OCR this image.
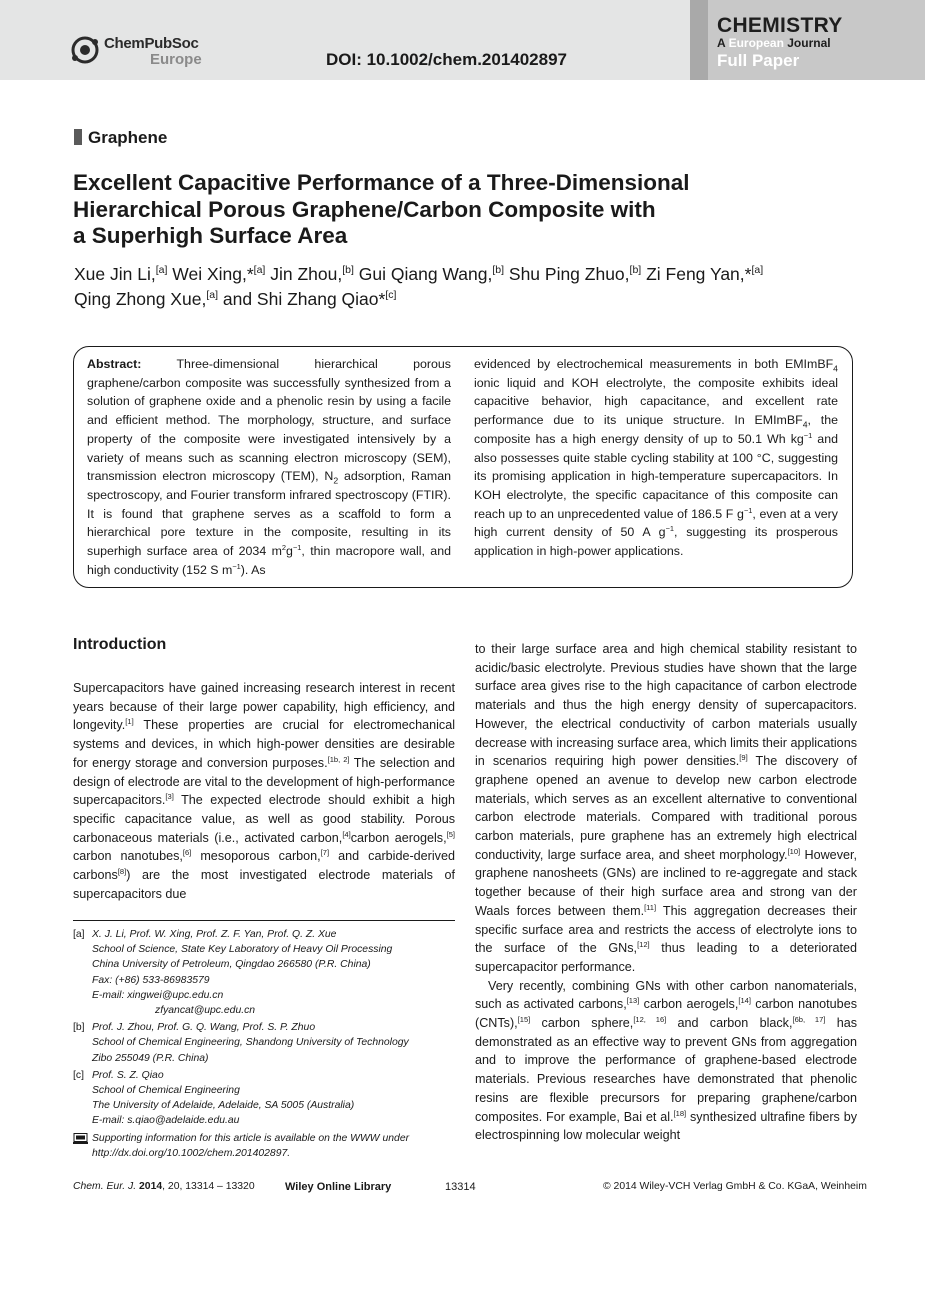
ChemPubSoc
Europe	DOI: 10.1002/chem.201402897
CHEMISTRY
A European Journal
Full Paper
Graphene
Excellent Capacitive Performance of a Three-Dimensional
Hierarchical Porous Graphene/Carbon Composite with
a Superhigh Surface Area

Xue Jin Li,[a] Wei Xing,*[a] Jin Zhou,[b] Gui Qiang Wang,[b] Shu Ping Zhuo,[b] Zi Feng Yan,*[a]
Qing Zhong Xue,[a] and Shi Zhang Qiao*[c]

Abstract: Three-dimensional hierarchical porous graphene/carbon composite was successfully synthesized from a solution of graphene oxide and a phenolic resin by using a facile and efficient method. The morphology, structure, and surface property of the composite were investigated intensively by a variety of means such as scanning electron microscopy (SEM), transmission electron microscopy (TEM), $N_2$ adsorption, Raman spectroscopy, and Fourier transform infrared spectroscopy (FTIR). It is found that graphene serves as a scaffold to form a hierarchical pore texture in the composite, resulting in its superhigh surface area of 2034 $m^2g^{-1}$, thin macropore wall, and high conductivity (152 S $m^{-1}$). As
evidenced by electrochemical measurements in both EMImBF$_4$ ionic liquid and KOH electrolyte, the composite exhibits ideal capacitive behavior, high capacitance, and excellent rate performance due to its unique structure. In EMImBF$_4$, the composite has a high energy density of up to 50.1 Wh $kg^{-1}$ and also possesses quite stable cycling stability at 100 °C, suggesting its promising application in high-temperature supercapacitors. In KOH electrolyte, the specific capacitance of this composite can reach up to an unprecedented value of 186.5 F $g^{-1}$, even at a very high current density of 50 A $g^{-1}$, suggesting its prosperous application in high-power applications.
Introduction

Supercapacitors have gained increasing research interest in recent years because of their large power capability, high efficiency, and longevity.[1] These properties are crucial for electromechanical systems and devices, in which high-power densities are desirable for energy storage and conversion purposes.[1b, 2] The selection and design of electrode are vital to the development of high-performance supercapacitors.[3] The expected electrode should exhibit a high specific capacitance value, as well as good stability. Porous carbonaceous materials (i.e., activated carbon,[4]carbon aerogels,[5] carbon nanotubes,[6] mesoporous carbon,[7] and carbide-derived carbons[8]) are the most investigated electrode materials of supercapacitors due

to their large surface area and high chemical stability resistant to acidic/basic electrolyte. Previous studies have shown that the large surface area gives rise to the high capacitance of carbon electrode materials and thus the high energy density of supercapacitors. However, the electrical conductivity of carbon materials usually decrease with increasing surface area, which limits their applications in scenarios requiring high power densities.[9] The discovery of graphene opened an avenue to develop new carbon electrode materials, which serves as an excellent alternative to conventional carbon electrode materials. Compared with traditional porous carbon materials, pure graphene has an extremely high electrical conductivity, large surface area, and sheet morphology.[10] However, graphene nanosheets (GNs) are inclined to re-aggregate and stack together because of their high surface area and strong van der Waals forces between them.[11] This aggregation decreases their specific surface area and restricts the access of electrolyte ions to the surface of the GNs,[12] thus leading to a deteriorated supercapacitor performance.

Very recently, combining GNs with other carbon nanomaterials, such as activated carbons,[13] carbon aerogels,[14] carbon nanotubes (CNTs),[15] carbon sphere,[12, 16] and carbon black,[6b, 17] has demonstrated as an effective way to prevent GNs from aggregation and to improve the performance of graphene-based electrode materials. Previous researches have demonstrated that phenolic resins are flexible precursors for preparing graphene/carbon composites. For example, Bai et al.[18] synthesized ultrafine fibers by electrospinning low molecular weight

[a] X. J. Li, Prof. W. Xing, Prof. Z. F. Yan, Prof. Q. Z. Xue
School of Science, State Key Laboratory of Heavy Oil Processing
China University of Petroleum, Qingdao 266580 (P.R. China)
Fax: (+86) 533-86983579
E-mail: xingwei@upc.edu.cn
zfyancat@upc.edu.cn
[b] Prof. J. Zhou, Prof. G. Q. Wang, Prof. S. P. Zhuo
School of Chemical Engineering, Shandong University of Technology
Zibo 255049 (P.R. China)
[c] Prof. S. Z. Qiao
School of Chemical Engineering
The University of Adelaide, Adelaide, SA 5005 (Australia)
E-mail: s.qiao@adelaide.edu.au
Supporting information for this article is available on the WWW under
http://dx.doi.org/10.1002/chem.201402897.
Chem. Eur. J. 2014, 20, 13314 – 13320	Wiley Online Library	13314	© 2014 Wiley-VCH Verlag GmbH & Co. KGaA, Weinheim
